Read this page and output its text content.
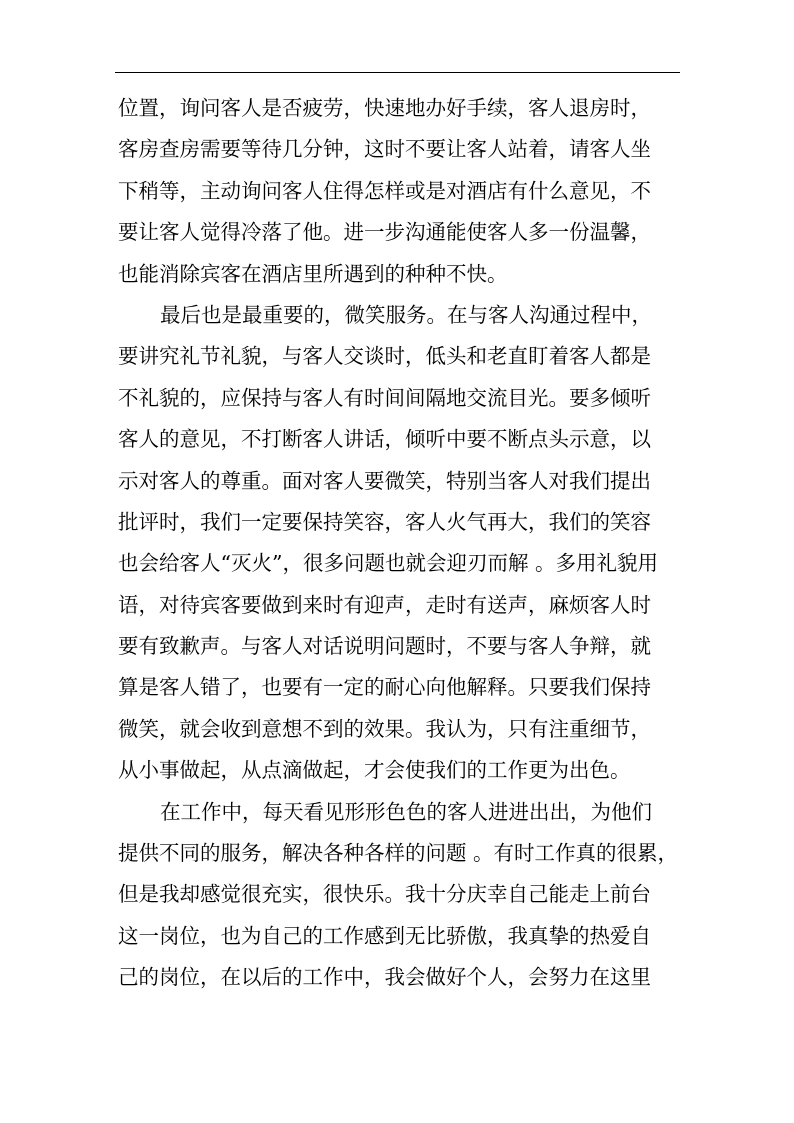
位置，询问客人是否疲劳，快速地办好手续，客人退房时，
客房查房需要等待几分钟，这时不要让客人站着，请客人坐
下稍等，主动询问客人住得怎样或是对酒店有什么意见，不
要让客人觉得冷落了他。进一步沟通能使客人多一份温馨，
也能消除宾客在酒店里所遇到的种种不快。
最后也是最重要的，微笑服务。在与客人沟通过程中，
要讲究礼节礼貌，与客人交谈时，低头和老直盯着客人都是
不礼貌的，应保持与客人有时间间隔地交流目光。要多倾听
客人的意见，不打断客人讲话，倾听中要不断点头示意，以
示对客人的尊重。面对客人要微笑，特别当客人对我们提出
批评时，我们一定要保持笑容，客人火气再大，我们的笑容
也会给客人“灭火”，很多问题也就会迎刃而解 。多用礼貌用
语，对待宾客要做到来时有迎声，走时有送声，麻烦客人时
要有致歉声。与客人对话说明问题时，不要与客人争辩，就
算是客人错了，也要有一定的耐心向他解释。只要我们保持
微笑，就会收到意想不到的效果。我认为，只有注重细节，
从小事做起，从点滴做起，才会使我们的工作更为出色。
在工作中，每天看见形形色色的客人进进出出，为他们
提供不同的服务，解决各种各样的问题 。有时工作真的很累，
但是我却感觉很充实，很快乐。我十分庆幸自己能走上前台
这一岗位，也为自己的工作感到无比骄傲，我真挚的热爱自
己的岗位，在以后的工作中，我会做好个人，会努力在这里
